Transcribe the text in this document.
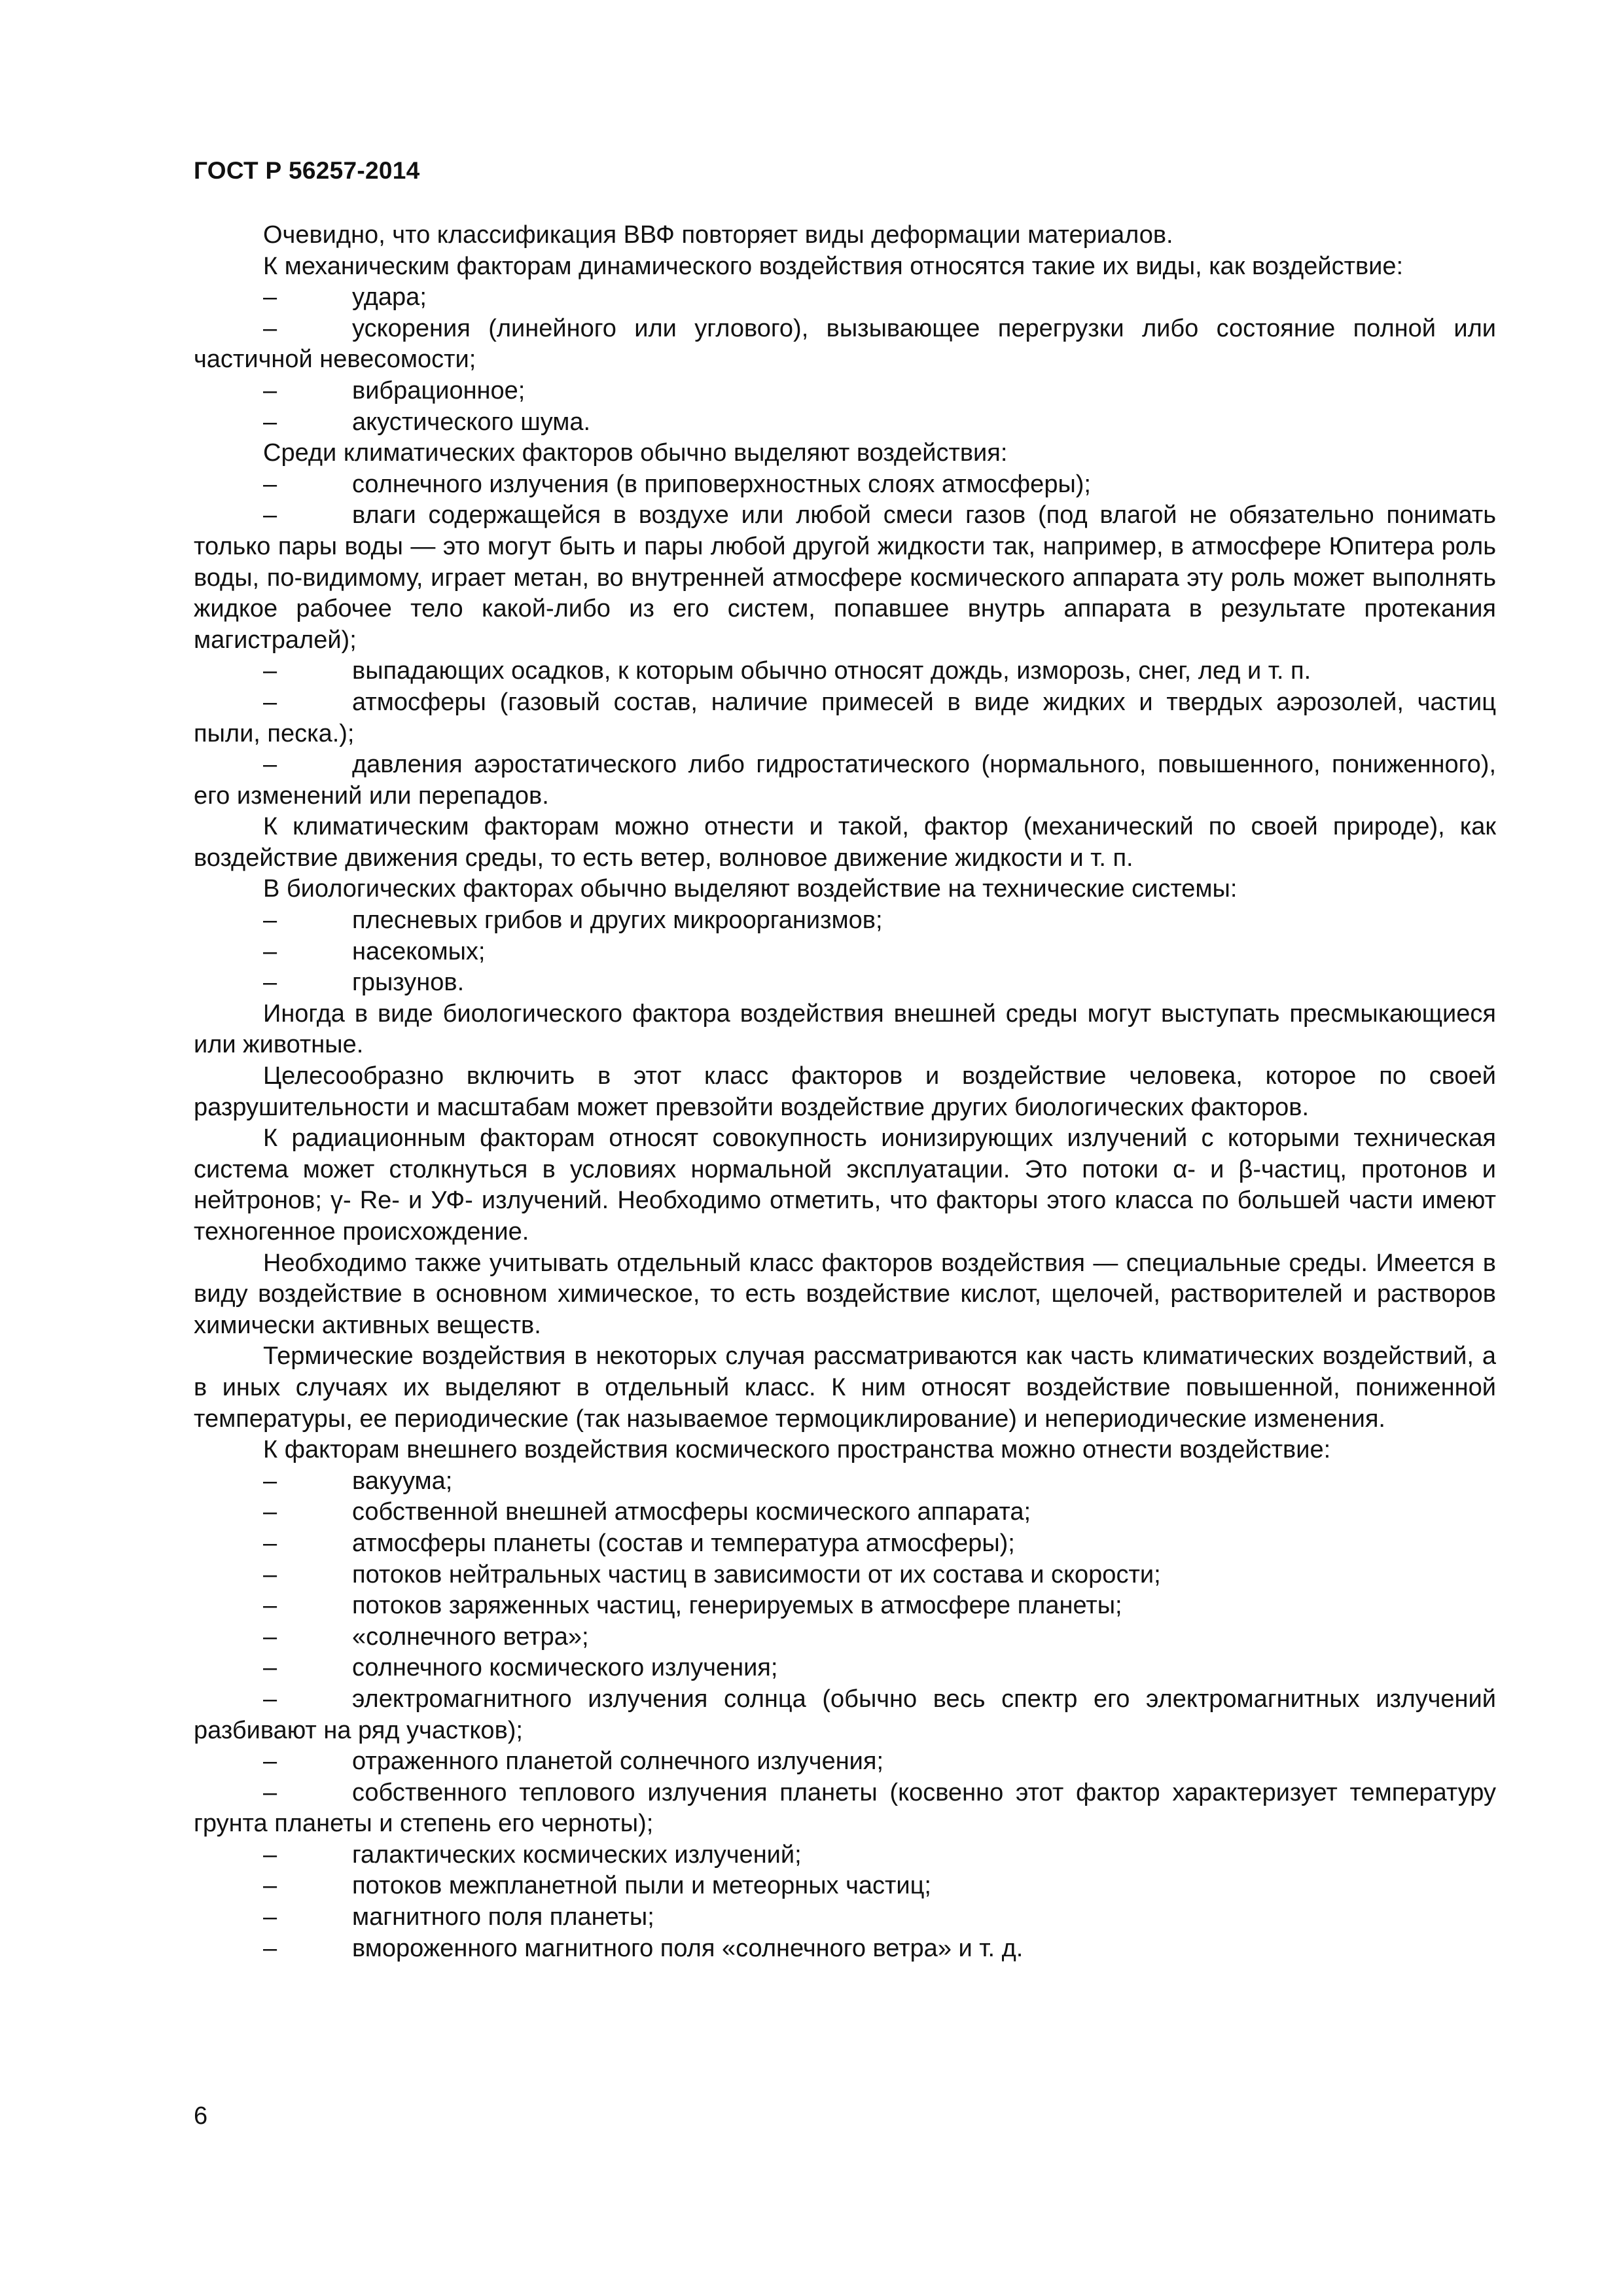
ГОСТ Р 56257-2014

Очевидно, что классификация ВВФ повторяет виды деформации материалов.

К механическим факторам динамического воздействия относятся такие их виды, как воздействие:

–	удара;

–	ускорения (линейного или углового), вызывающее перегрузки либо состояние полной или частичной невесомости;

–	вибрационное;

–	акустического шума.

Среди климатических факторов обычно выделяют воздействия:

–	солнечного излучения (в приповерхностных слоях атмосферы);

–	влаги содержащейся в воздухе или любой смеси газов (под влагой не обязательно понимать только пары воды — это могут быть и пары любой другой жидкости так, например, в атмосфере Юпитера роль воды, по-видимому, играет метан, во внутренней атмосфере космического аппарата эту роль может выполнять жидкое рабочее тело какой-либо из его систем, попавшее внутрь аппарата в результате протекания магистралей);

–	выпадающих осадков, к которым обычно относят дождь, изморозь, снег, лед и т. п.

–	атмосферы (газовый состав, наличие примесей в виде жидких и твердых аэрозолей, частиц пыли, песка.);

–	давления аэростатического либо гидростатического (нормального, повышенного, пониженного), его изменений или перепадов.

К климатическим факторам можно отнести и такой, фактор (механический по своей природе), как воздействие движения среды, то есть ветер, волновое движение жидкости и т. п.

В биологических факторах обычно выделяют воздействие на технические системы:

–	плесневых грибов и других микроорганизмов;

–	насекомых;

–	грызунов.

Иногда в виде биологического фактора воздействия внешней среды могут выступать пресмыкающиеся или животные.

Целесообразно включить в этот класс факторов и воздействие человека, которое по своей разрушительности и масштабам может превзойти воздействие других биологических факторов.

К радиационным факторам относят совокупность ионизирующих излучений с которыми техническая система может столкнуться в условиях нормальной эксплуатации. Это потоки α- и β-частиц, протонов и нейтронов; γ- Re- и УФ- излучений. Необходимо отметить, что факторы этого класса по большей части имеют техногенное происхождение.

Необходимо также учитывать отдельный класс факторов воздействия — специальные среды. Имеется в виду воздействие в основном химическое, то есть воздействие кислот, щелочей, растворителей и растворов химически активных веществ.

Термические воздействия в некоторых случая рассматриваются как часть климатических воздействий, а в иных случаях их выделяют в отдельный класс. К ним относят воздействие повышенной, пониженной температуры, ее периодические (так называемое термоциклирование) и непериодические изменения.

К факторам внешнего воздействия космического пространства можно отнести воздействие:

–	вакуума;

–	собственной внешней атмосферы космического аппарата;

–	атмосферы планеты (состав и температура атмосферы);

–	потоков нейтральных частиц в зависимости от их состава и скорости;

–	потоков заряженных частиц, генерируемых в атмосфере планеты;

–	«солнечного ветра»;

–	солнечного космического излучения;

–	электромагнитного излучения солнца (обычно весь спектр его электромагнитных излучений разбивают на ряд участков);

–	отраженного планетой солнечного излучения;

–	собственного теплового излучения планеты (косвенно этот фактор характеризует температуру грунта планеты и степень его черноты);

–	галактических космических излучений;

–	потоков межпланетной пыли и метеорных частиц;

–	магнитного поля планеты;

–	вмороженного магнитного поля «солнечного ветра» и т. д.

6
